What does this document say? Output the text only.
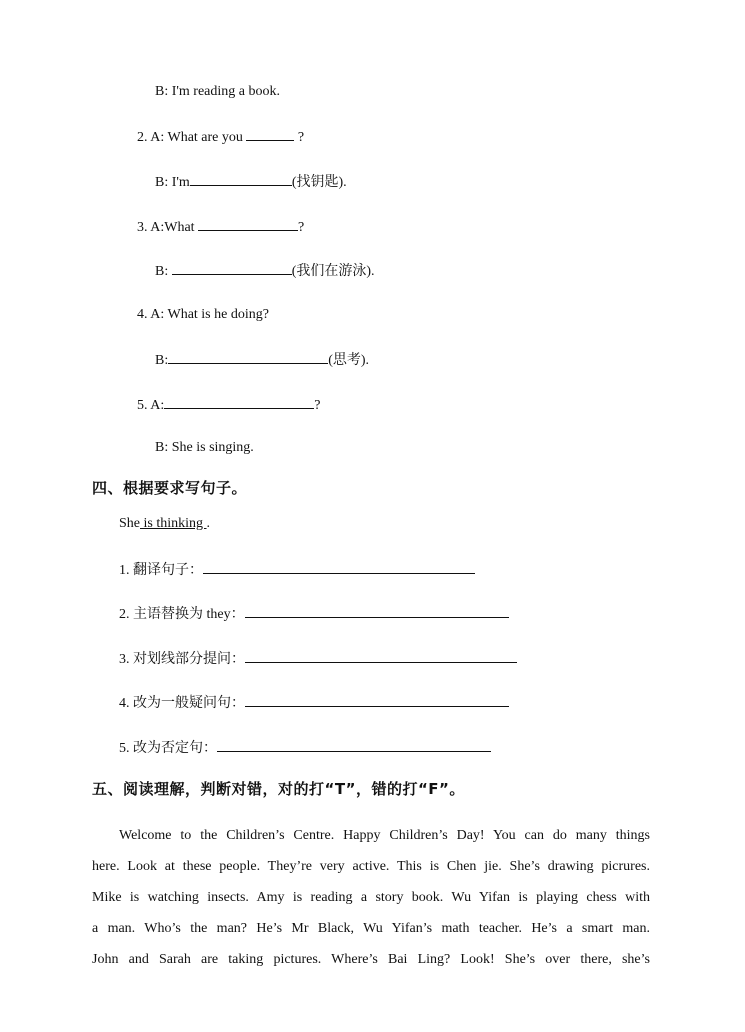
B: I'm reading a book.
2. A: What are you	?
B: I'm	(找钥匙).
3. A:What	?
B:	(我们在游泳).
4. A: What is he doing?
B:	(思考).
5. A:	?
B: She is singing.
四、根据要求写句子。
She is thinking .
1. 翻译句子：
2. 主语替换为 they：
3. 对划线部分提问：
4. 改为一般疑问句：
5. 改为否定句：
五、阅读理解，判断对错，对的打“T”，错的打“F”。
Welcome to the Children’s Centre. Happy Children’s Day! You can do many things
here. Look at these people. They’re very active. This is Chen jie. She’s drawing picrures.
Mike is watching insects. Amy is reading a story book. Wu Yifan is playing chess with
a man. Who’s the man? He’s Mr Black, Wu Yifan’s math teacher. He’s a smart man.
John and Sarah are taking pictures. Where’s Bai Ling? Look! She’s over there, she’s
